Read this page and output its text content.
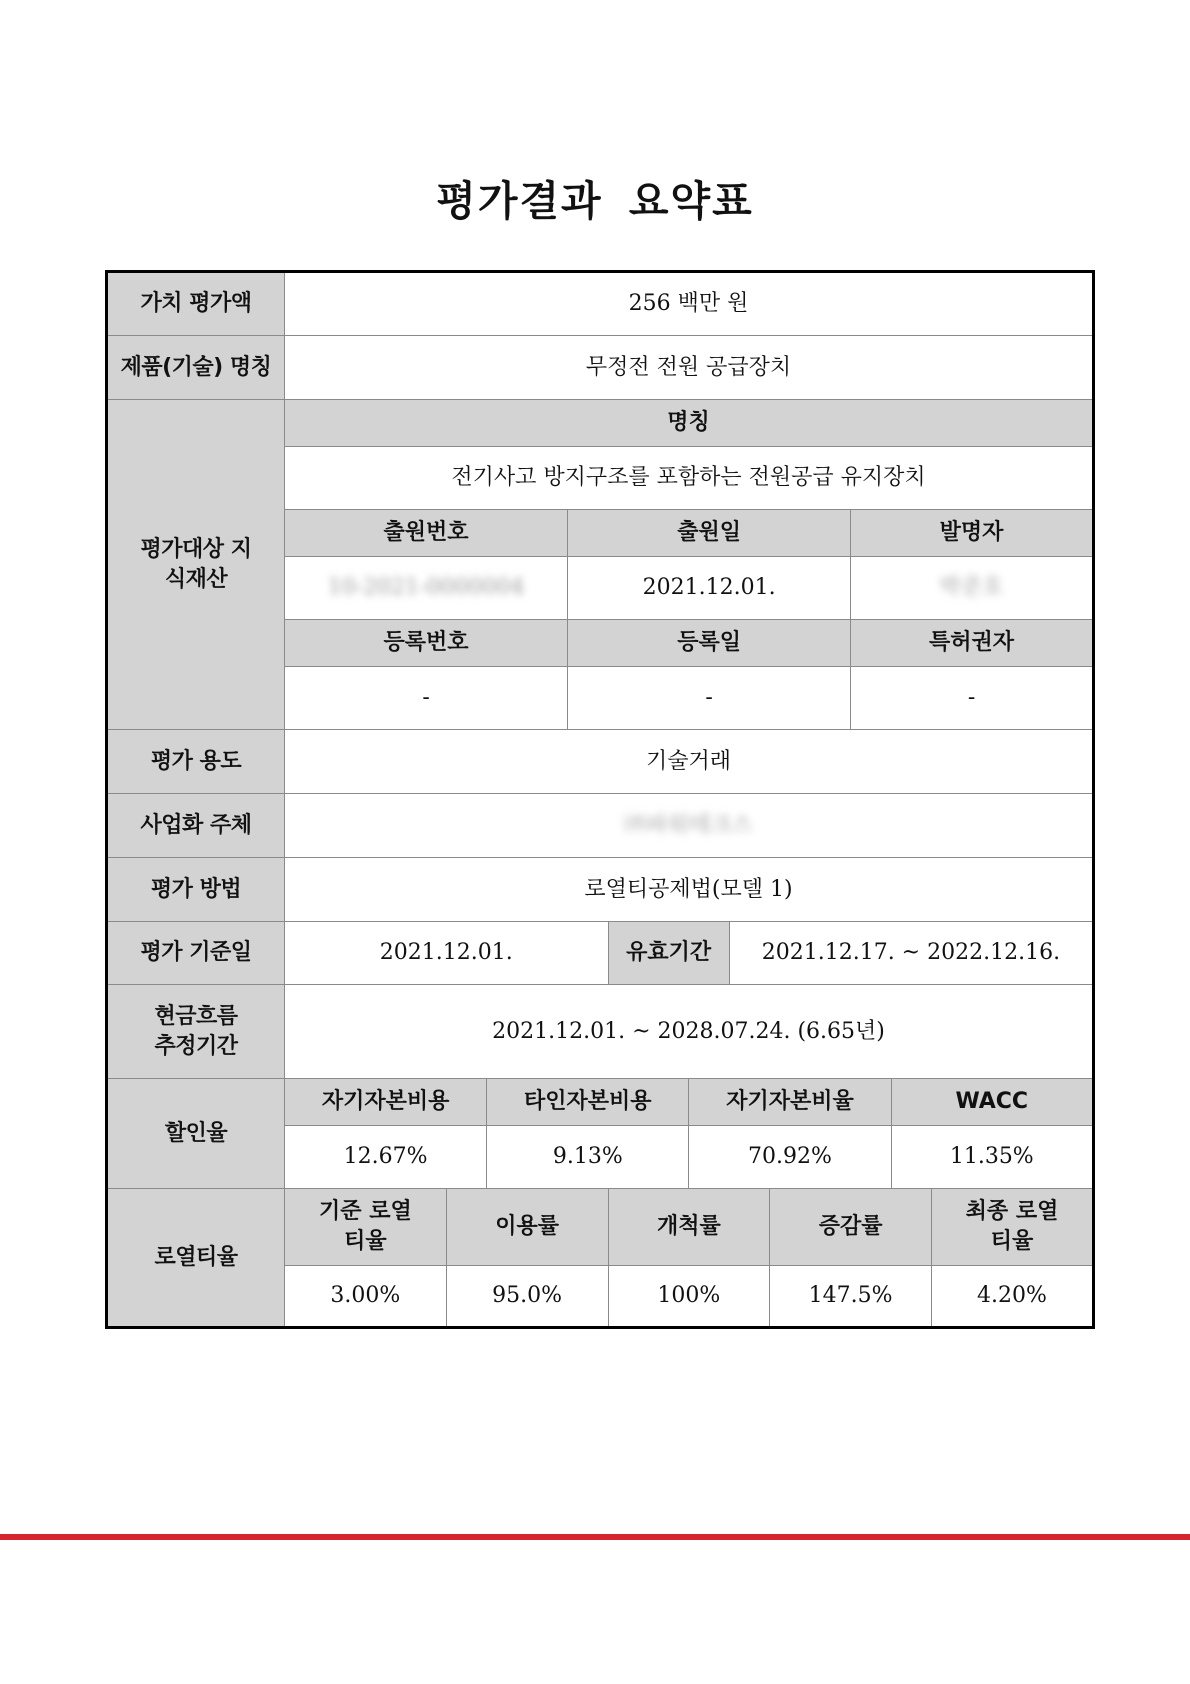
평가결과 요약표
가치 평가액	256 백만 원										
제품(기술) 명칭	무정전 전원 공급장치										
평가대상 지식재산	명칭										
	전기사고 방지구조를 포함하는 전원공급 유지장치										
	출원번호			출원일					발명자		
	10-2021-0000004			2021.12.01.					박준호		
	등록번호			등록일					특허권자		
	-			-					-		

평가 용도	기술거래										
사업화 주체	㈜파워테크스										
평가 방법	로열티공제법(모델 1)										
평가 기준일	2021.12.01.				유효기간		2021.12.17. ~ 2022.12.16.				
현금흐름 추정기간	2021.12.01. ~ 2028.07.24. (6.65년)										
할인율	자기자본비용		타인자본비용			자기자본비율				WACC	
	12.67%		9.13%			70.92%				11.35%	
로열티율	기준 로열티율	이용률			개척률			증감률			최종 로열티율
	3.00%	95.0%			100%			147.5%			4.20%
